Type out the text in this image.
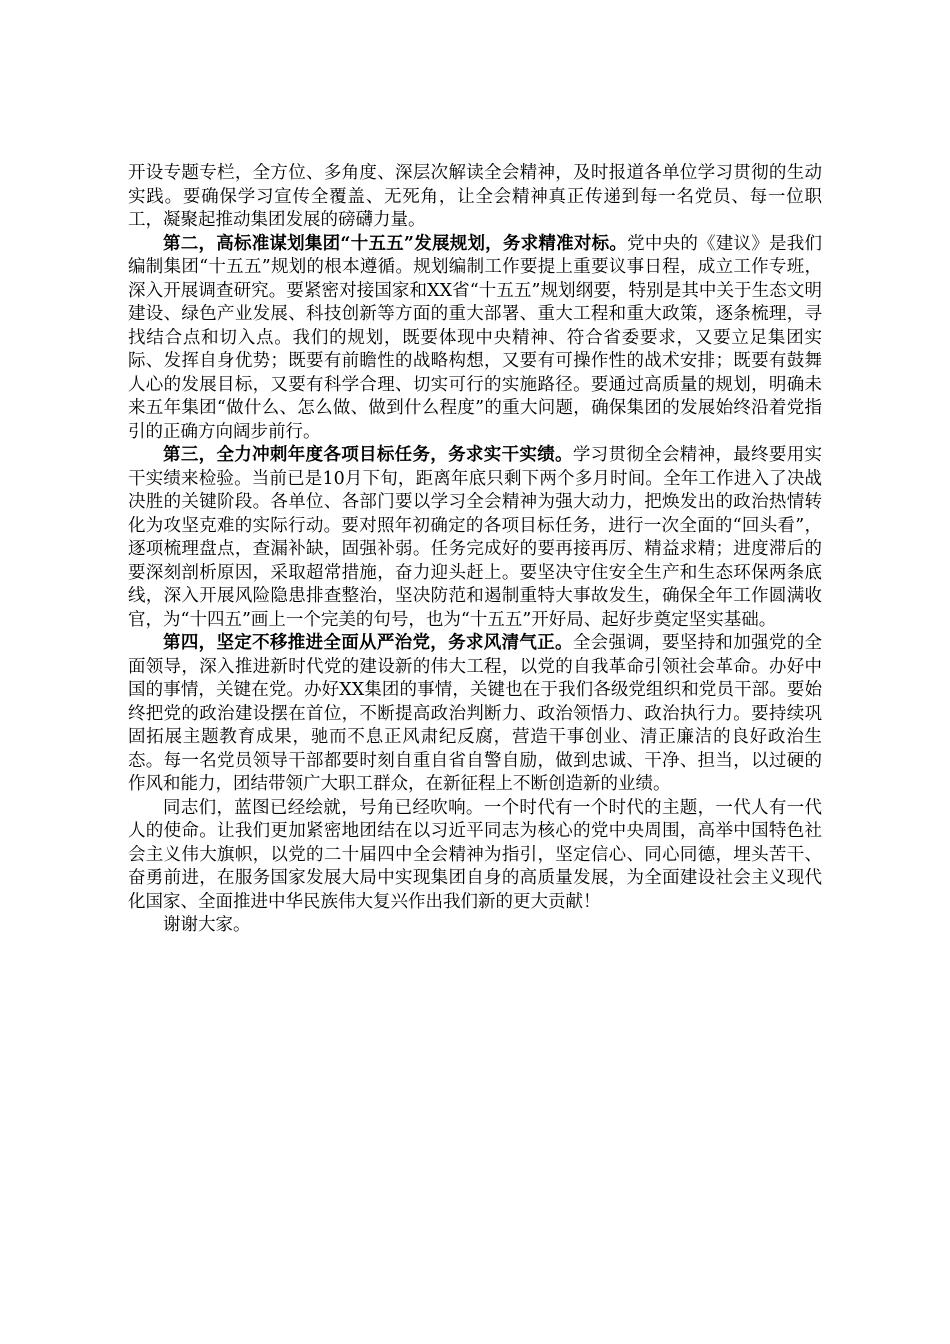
开设专题专栏，全方位、多角度、深层次解读全会精神，及时报道各单位学习贯彻的生动实践。要确保学习宣传全覆盖、无死角，让全会精神真正传递到每一名党员、每一位职工，凝聚起推动集团发展的磅礴力量。

第二，高标准谋划集团“十五五”发展规划，务求精准对标。党中央的《建议》是我们编制集团“十五五”规划的根本遵循。规划编制工作要提上重要议事日程，成立工作专班，深入开展调查研究。要紧密对接国家和XX省“十五五”规划纲要，特别是其中关于生态文明建设、绿色产业发展、科技创新等方面的重大部署、重大工程和重大政策，逐条梳理，寻找结合点和切入点。我们的规划，既要体现中央精神、符合省委要求，又要立足集团实际、发挥自身优势；既要有前瞻性的战略构想，又要有可操作性的战术安排；既要有鼓舞人心的发展目标，又要有科学合理、切实可行的实施路径。要通过高质量的规划，明确未来五年集团“做什么、怎么做、做到什么程度”的重大问题，确保集团的发展始终沿着党指引的正确方向阔步前行。

第三，全力冲刺年度各项目标任务，务求实干实绩。学习贯彻全会精神，最终要用实干实绩来检验。当前已是10月下旬，距离年底只剩下两个多月时间。全年工作进入了决战决胜的关键阶段。各单位、各部门要以学习全会精神为强大动力，把焕发出的政治热情转化为攻坚克难的实际行动。要对照年初确定的各项目标任务，进行一次全面的“回头看”，逐项梳理盘点，查漏补缺，固强补弱。任务完成好的要再接再厉、精益求精；进度滞后的要深刻剖析原因，采取超常措施，奋力迎头赶上。要坚决守住安全生产和生态环保两条底线，深入开展风险隐患排查整治，坚决防范和遏制重特大事故发生，确保全年工作圆满收官，为“十四五”画上一个完美的句号，也为“十五五”开好局、起好步奠定坚实基础。

第四，坚定不移推进全面从严治党，务求风清气正。全会强调，要坚持和加强党的全面领导，深入推进新时代党的建设新的伟大工程，以党的自我革命引领社会革命。办好中国的事情，关键在党。办好XX集团的事情，关键也在于我们各级党组织和党员干部。要始终把党的政治建设摆在首位，不断提高政治判断力、政治领悟力、政治执行力。要持续巩固拓展主题教育成果，驰而不息正风肃纪反腐，营造干事创业、清正廉洁的良好政治生态。每一名党员领导干部都要时刻自重自省自警自励，做到忠诚、干净、担当，以过硬的作风和能力，团结带领广大职工群众，在新征程上不断创造新的业绩。

同志们，蓝图已经绘就，号角已经吹响。一个时代有一个时代的主题，一代人有一代人的使命。让我们更加紧密地团结在以习近平同志为核心的党中央周围，高举中国特色社会主义伟大旗帜，以党的二十届四中全会精神为指引，坚定信心、同心同德，埋头苦干、奋勇前进，在服务国家发展大局中实现集团自身的高质量发展，为全面建设社会主义现代化国家、全面推进中华民族伟大复兴作出我们新的更大贡献！

谢谢大家。
